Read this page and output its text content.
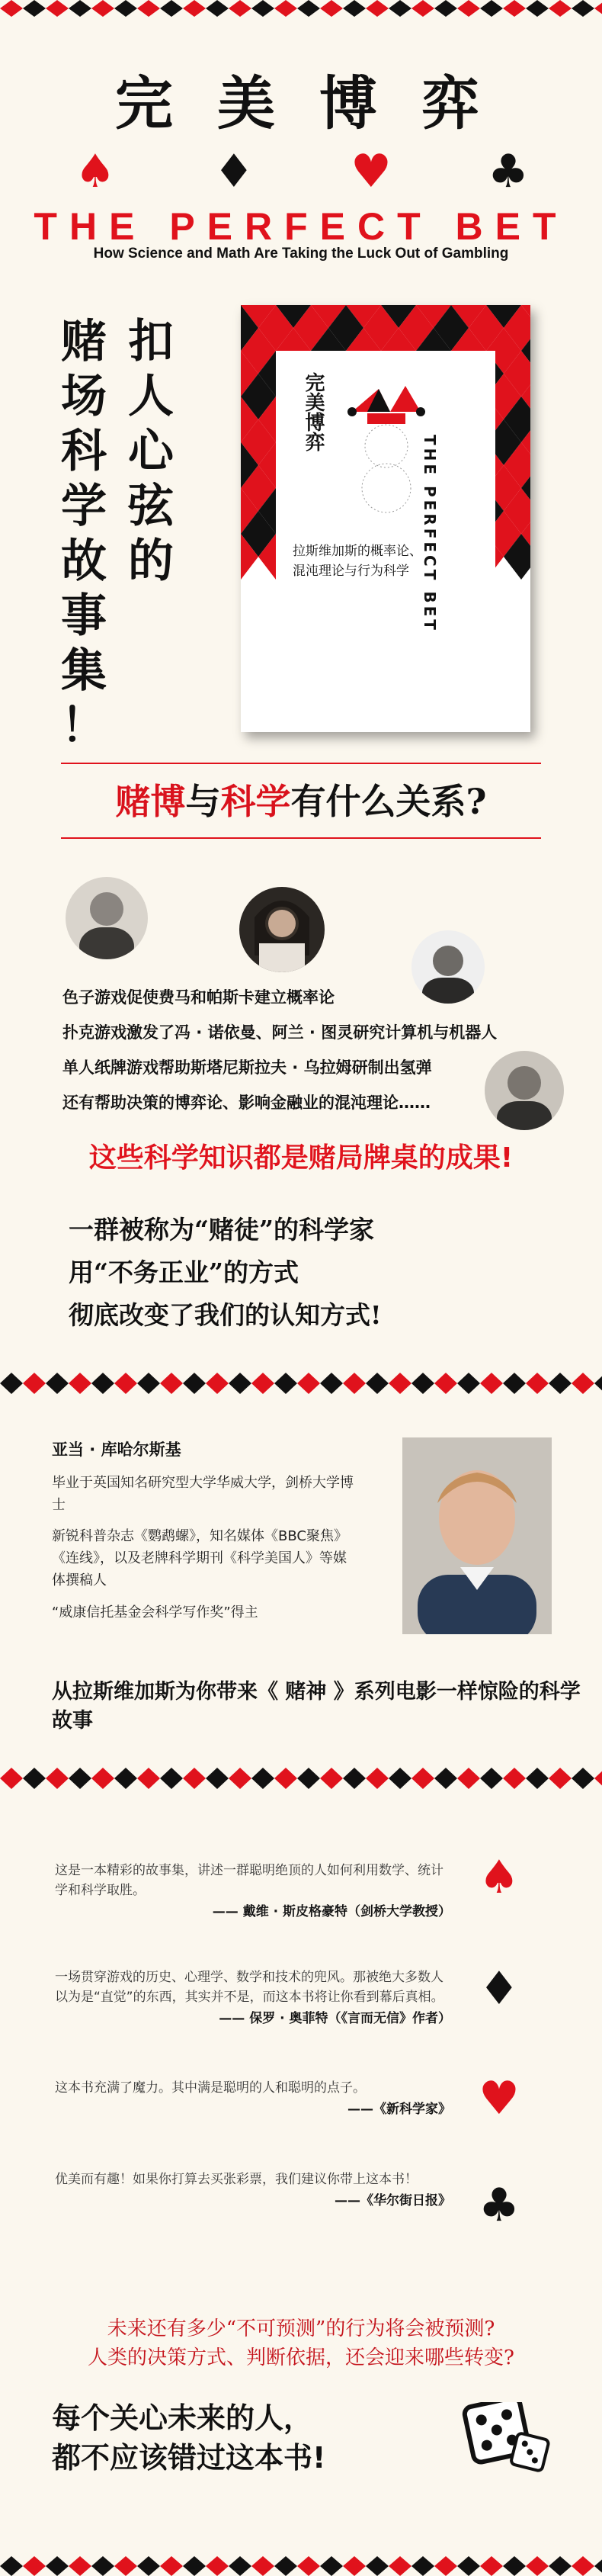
完美博弈
♠ ♦ ♥ ♣
THE PERFECT BET
How Science and Math Are Taking the Luck Out of Gambling
赌
场
科
学
故
事
集
！
扣
人
心
弦
的
完美博弈
THE PERFECT BET
拉斯维加斯的概率论、
混沌理论与行为科学
赌博与科学有什么关系?
色子游戏促使费马和帕斯卡建立概率论
扑克游戏激发了冯 · 诺依曼、阿兰 · 图灵研究计算机与机器人
单人纸牌游戏帮助斯塔尼斯拉夫 · 乌拉姆研制出氢弹
还有帮助决策的博弈论、影响金融业的混沌理论……
这些科学知识都是赌局牌桌的成果!
一群被称为“赌徒”的科学家
用“不务正业”的方式
彻底改变了我们的认知方式!
亚当 · 库哈尔斯基
毕业于英国知名研究型大学华威大学，剑桥大学博士
新锐科普杂志《鹦鹉螺》，知名媒体《BBC聚焦》《连线》，以及老牌科学期刊《科学美国人》等媒体撰稿人
“威康信托基金会科学写作奖”得主
从拉斯维加斯为你带来《 赌神 》系列电影一样惊险的科学故事
这是一本精彩的故事集，讲述一群聪明绝顶的人如何利用数学、统计学和科学取胜。
—— 戴维 · 斯皮格豪特（剑桥大学教授）
一场贯穿游戏的历史、心理学、数学和技术的兜风。那被绝大多数人以为是“直觉”的东西，其实并不是，而这本书将让你看到幕后真相。
—— 保罗 · 奥菲特（《言而无信》作者）
这本书充满了魔力。其中满是聪明的人和聪明的点子。
——《新科学家》
优美而有趣！如果你打算去买张彩票，我们建议你带上这本书！
——《华尔街日报》
♠
♦
♥
♣
未来还有多少“不可预测”的行为将会被预测?
人类的决策方式、判断依据，还会迎来哪些转变?
每个关心未来的人，
都不应该错过这本书!
